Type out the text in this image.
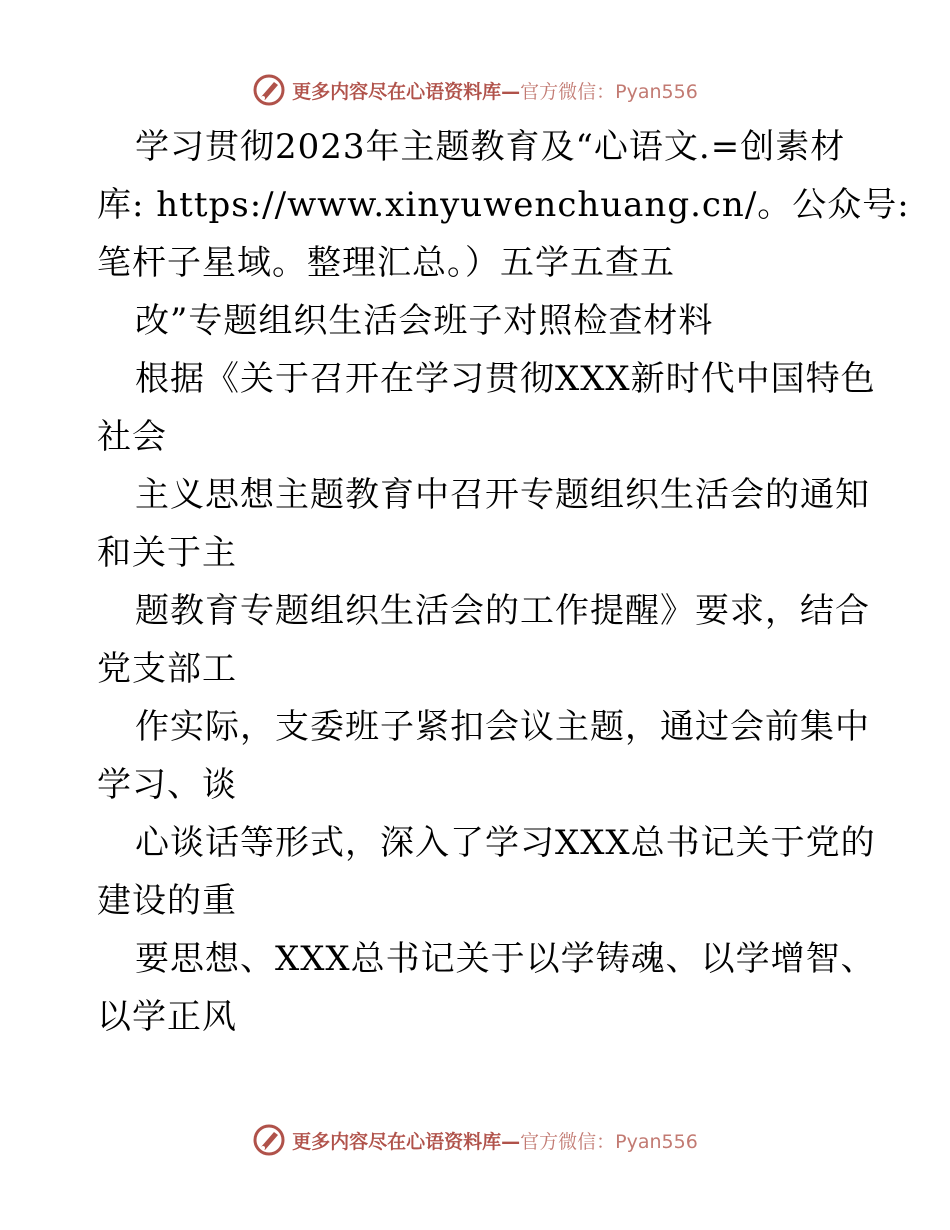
更多内容尽在心语资料库—官方微信：Pyan556
学习贯彻2023年主题教育及“心语文.=创素材
库: https://www.xinyuwenchuang.cn/。公众号:
笔杆子星域。整理汇总。）五学五查五
改”专题组织生活会班子对照检查材料
根据《关于召开在学习贯彻XXX新时代中国特色
社会
主义思想主题教育中召开专题组织生活会的通知
和关于主
题教育专题组织生活会的工作提醒》要求，结合
党支部工
作实际，支委班子紧扣会议主题，通过会前集中
学习、谈
心谈话等形式，深入了学习XXX总书记关于党的
建设的重
要思想、XXX总书记关于以学铸魂、以学增智、
以学正风
更多内容尽在心语资料库—官方微信：Pyan556
